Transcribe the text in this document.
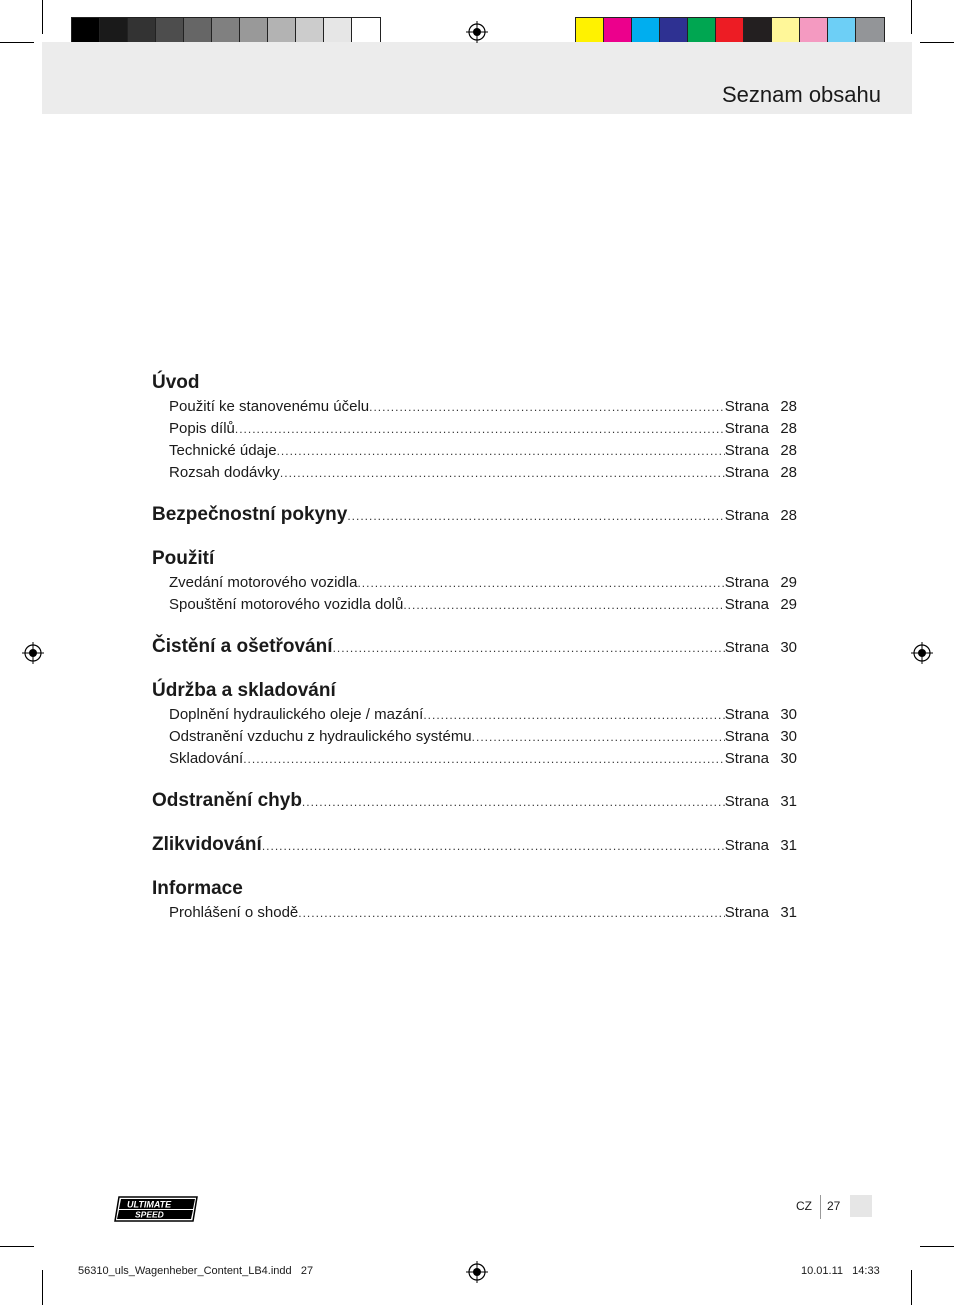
Seznam obsahu
Úvod
Použití ke stanovenému účelu .....	Strana 28
Popis dílů .....	Strana 28
Technické údaje .....	Strana 28
Rozsah dodávky .....	Strana 28
Bezpečnostní pokyny .....	Strana 28
Použití
Zvedání motorového vozidla .....	Strana 29
Spouštění motorového vozidla dolů .....	Strana 29
Čistění a ošetřování .....	Strana 30
Údržba a skladování
Doplnění hydraulického oleje / mazání .....	Strana 30
Odstranění vzduchu z hydraulického systému .....	Strana 30
Skladování .....	Strana 30
Odstranění chyb .....	Strana 31
Zlikvidování .....	Strana 31
Informace
Prohlášení o shodě .....	Strana 31
ULTIMATE
SPEED
CZ 27
56310_uls_Wagenheber_Content_LB4.indd   27	10.01.11   14:33
